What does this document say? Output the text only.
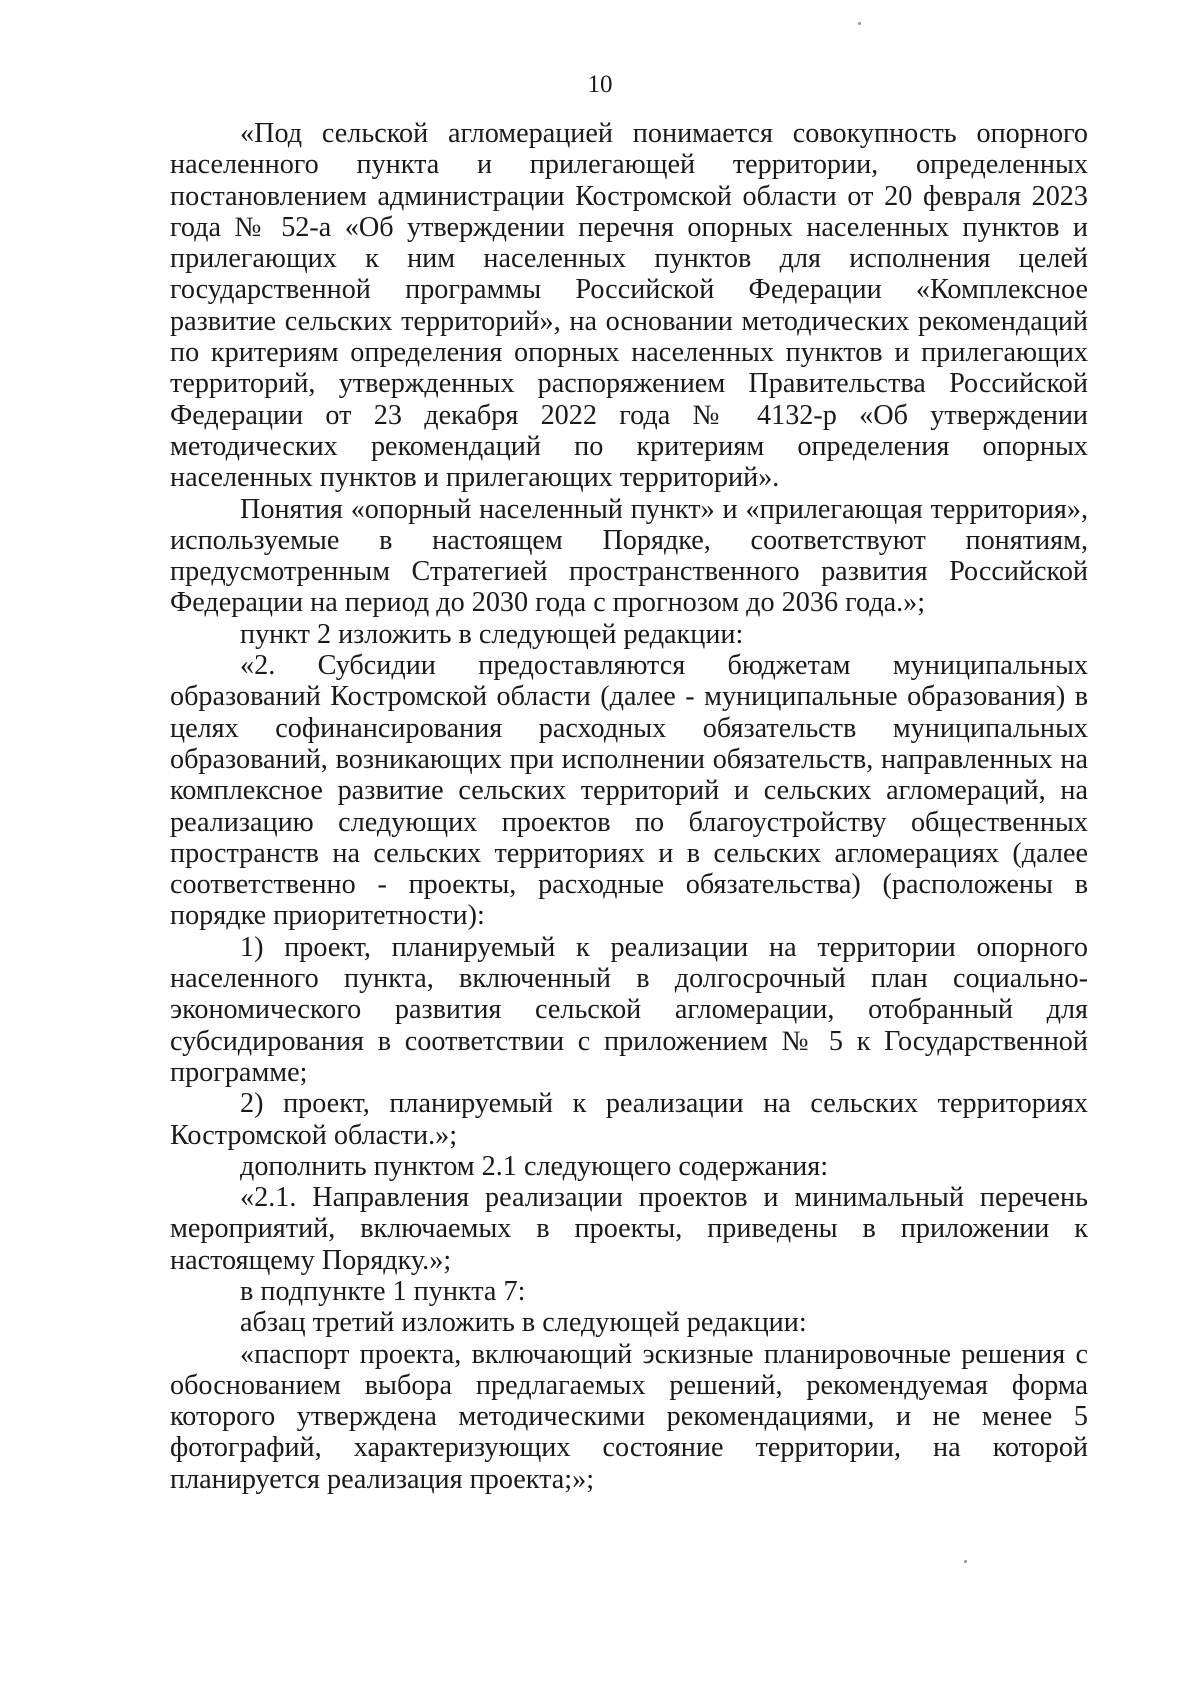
10

«Под сельской агломерацией понимается совокупность опорного населенного пункта и прилегающей территории, определенных постановлением администрации Костромской области от 20 февраля 2023 года № 52-а «Об утверждении перечня опорных населенных пунктов и прилегающих к ним населенных пунктов для исполнения целей государственной программы Российской Федерации «Комплексное развитие сельских территорий», на основании методических рекомендаций по критериям определения опорных населенных пунктов и прилегающих территорий, утвержденных распоряжением Правительства Российской Федерации от 23 декабря 2022 года № 4132-р «Об утверждении методических рекомендаций по критериям определения опорных населенных пунктов и прилегающих территорий».

Понятия «опорный населенный пункт» и «прилегающая территория», используемые в настоящем Порядке, соответствуют понятиям, предусмотренным Стратегией пространственного развития Российской Федерации на период до 2030 года с прогнозом до 2036 года.»;

пункт 2 изложить в следующей редакции:

«2. Субсидии предоставляются бюджетам муниципальных образований Костромской области (далее - муниципальные образования) в целях софинансирования расходных обязательств муниципальных образований, возникающих при исполнении обязательств, направленных на комплексное развитие сельских территорий и сельских агломераций, на реализацию следующих проектов по благоустройству общественных пространств на сельских территориях и в сельских агломерациях (далее соответственно - проекты, расходные обязательства) (расположены в порядке приоритетности):

1) проект, планируемый к реализации на территории опорного населенного пункта, включенный в долгосрочный план социально-экономического развития сельской агломерации, отобранный для субсидирования в соответствии с приложением № 5 к Государственной программе;

2) проект, планируемый к реализации на сельских территориях Костромской области.»;

дополнить пунктом 2.1 следующего содержания:

«2.1. Направления реализации проектов и минимальный перечень мероприятий, включаемых в проекты, приведены в приложении к настоящему Порядку.»;

в подпункте 1 пункта 7:

абзац третий изложить в следующей редакции:

«паспорт проекта, включающий эскизные планировочные решения с обоснованием выбора предлагаемых решений, рекомендуемая форма которого утверждена методическими рекомендациями, и не менее 5 фотографий, характеризующих состояние территории, на которой планируется реализация проекта;»;
